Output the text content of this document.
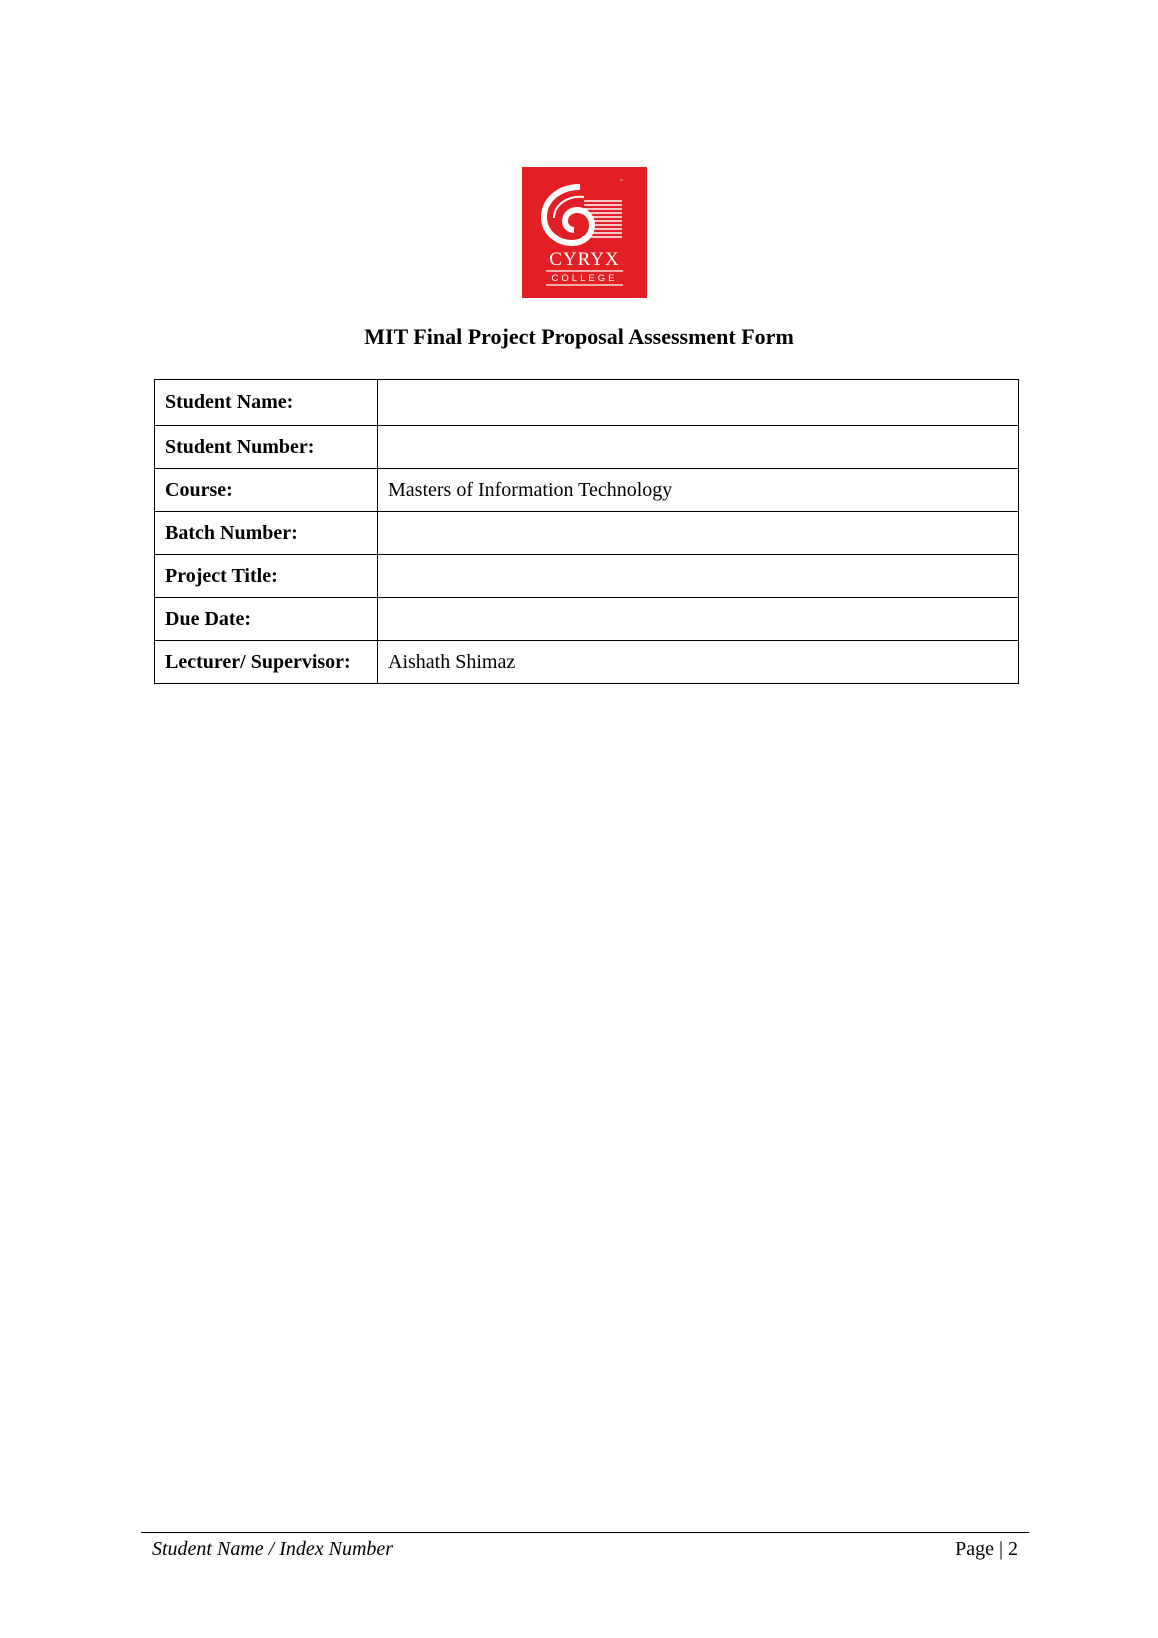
™
CYRYX
COLLEGE
MIT Final Project Proposal Assessment Form
Student Name:	
Student Number:	
Course:	Masters of Information Technology
Batch Number:	
Project Title:	
Due Date:	
Lecturer/ Supervisor:	Aishath Shimaz
Student Name / Index Number	Page | 2
